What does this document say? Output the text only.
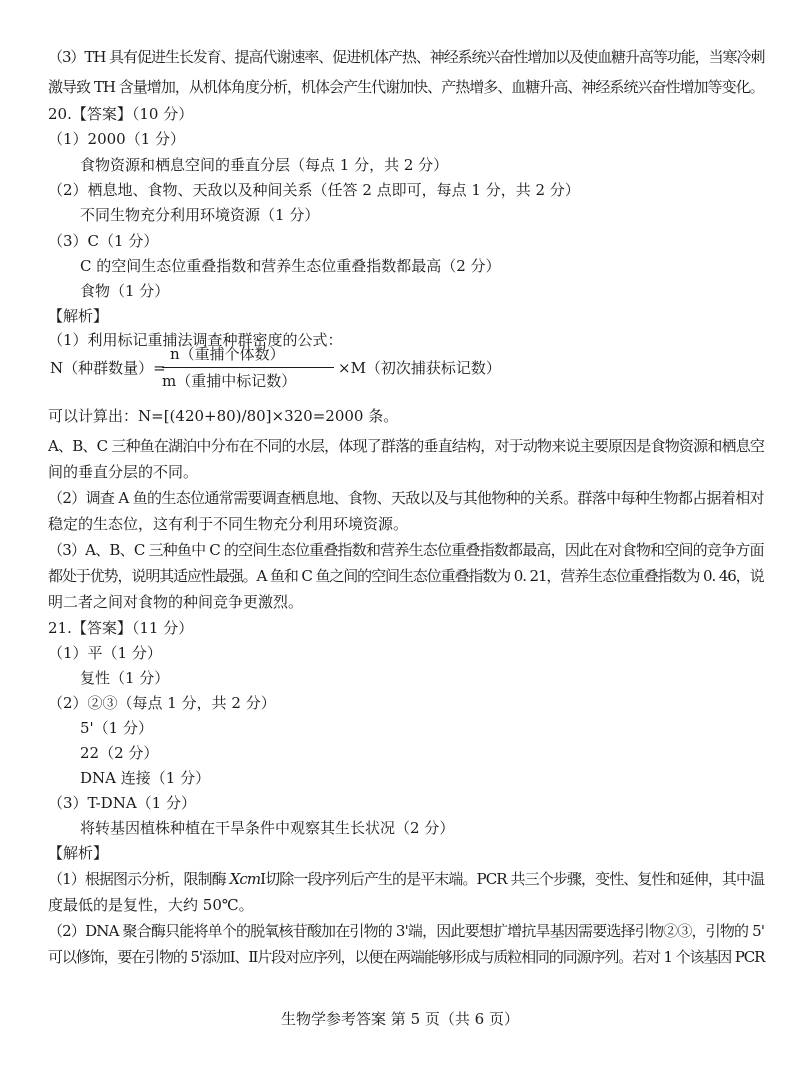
（3）TH 具有促进生长发育、提高代谢速率、促进机体产热、神经系统兴奋性增加以及使血糖升高等功能，当寒冷刺
激导致 TH 含量增加，从机体角度分析，机体会产生代谢加快、产热增多、血糖升高、神经系统兴奋性增加等变化。
20.【答案】（10 分）
（1）2000（1 分）
食物资源和栖息空间的垂直分层（每点 1 分，共 2 分）
（2）栖息地、食物、天敌以及种间关系（任答 2 点即可，每点 1 分，共 2 分）
不同生物充分利用环境资源（1 分）
（3）C（1 分）
C 的空间生态位重叠指数和营养生态位重叠指数都最高（2 分）
食物（1 分）
【解析】
（1）利用标记重捕法调查种群密度的公式：
N（种群数量）=
n（重捕个体数）
m（重捕中标记数）
×M（初次捕获标记数）
可以计算出：N=[(420+80)/80]×320=2000 条。
A、B、C 三种鱼在湖泊中分布在不同的水层，体现了群落的垂直结构，对于动物来说主要原因是食物资源和栖息空
间的垂直分层的不同。
（2）调查 A 鱼的生态位通常需要调查栖息地、食物、天敌以及与其他物种的关系。群落中每种生物都占据着相对
稳定的生态位，这有利于不同生物充分利用环境资源。
（3）A、B、C 三种鱼中 C 的空间生态位重叠指数和营养生态位重叠指数都最高，因此在对食物和空间的竞争方面
都处于优势，说明其适应性最强。A 鱼和 C 鱼之间的空间生态位重叠指数为 0. 21，营养生态位重叠指数为 0. 46，说
明二者之间对食物的种间竞争更激烈。
21.【答案】（11 分）
（1）平（1 分）
复性（1 分）
（2）②③（每点 1 分，共 2 分）
5'（1 分）
22（2 分）
DNA 连接（1 分）
（3）T-DNA（1 分）
将转基因植株种植在干旱条件中观察其生长状况（2 分）
【解析】
（1）根据图示分析，限制酶 XcmⅠ切除一段序列后产生的是平末端。PCR 共三个步骤，变性、复性和延伸，其中温
度最低的是复性，大约 50℃。
（2）DNA 聚合酶只能将单个的脱氧核苷酸加在引物的 3'端，因此要想扩增抗旱基因需要选择引物②③，引物的 5'
可以修饰，要在引物的 5'添加Ⅰ、Ⅱ片段对应序列，以便在两端能够形成与质粒相同的同源序列。若对 1 个该基因 PCR
生物学参考答案 第 5 页（共 6 页）
